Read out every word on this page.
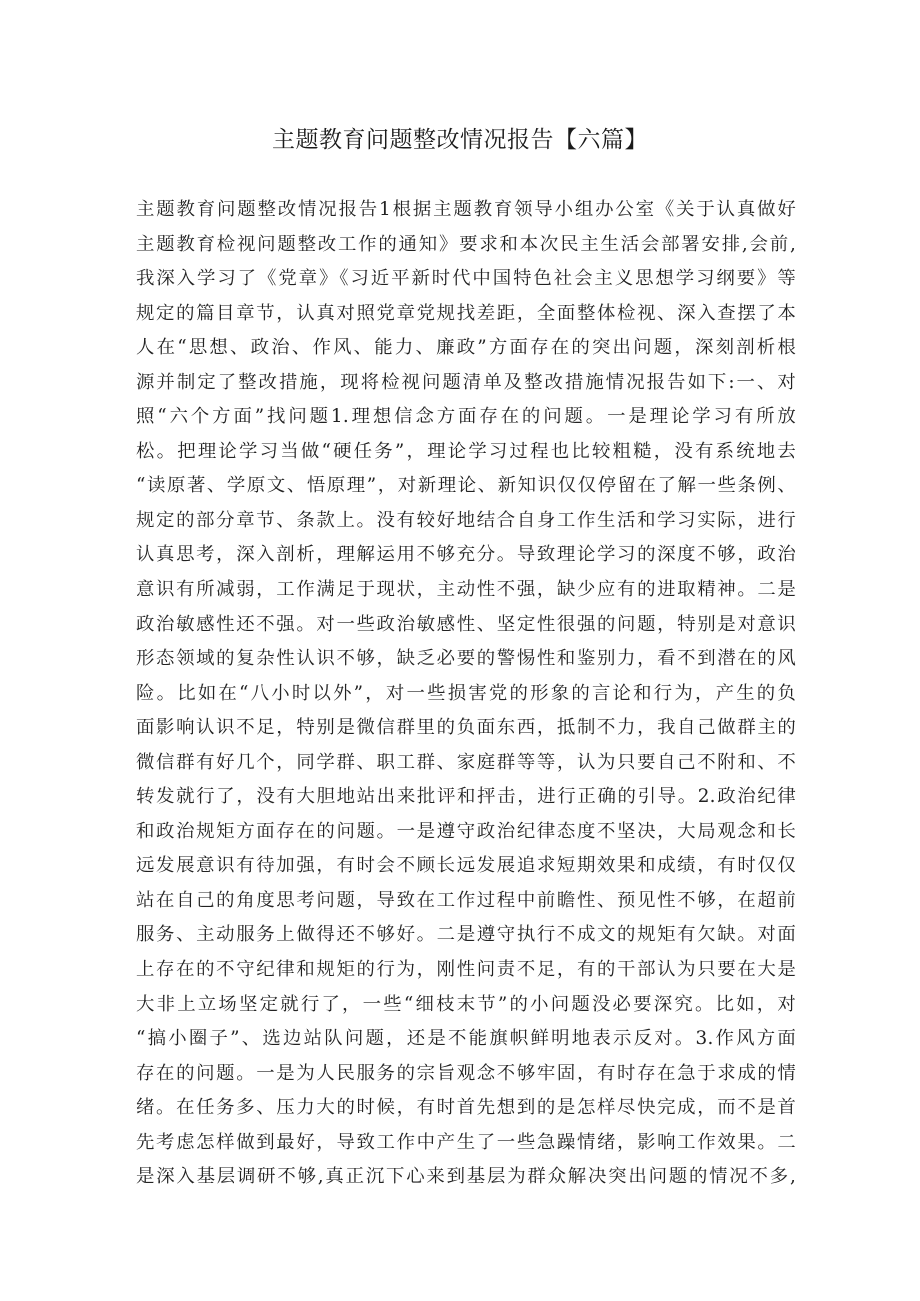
主题教育问题整改情况报告【六篇】
主题教育问题整改情况报告1根据主题教育领导小组办公室《关于认真做好
主题教育检视问题整改工作的通知》要求和本次民主生活会部署安排,会前,
我深入学习了《党章》《习近平新时代中国特色社会主义思想学习纲要》等
规定的篇目章节，认真对照党章党规找差距，全面整体检视、深入查摆了本
人在“思想、政治、作风、能力、廉政”方面存在的突出问题，深刻剖析根
源并制定了整改措施，现将检视问题清单及整改措施情况报告如下:一、对
照“六个方面”找问题1.理想信念方面存在的问题。一是理论学习有所放
松。把理论学习当做“硬任务”，理论学习过程也比较粗糙，没有系统地去
“读原著、学原文、悟原理”，对新理论、新知识仅仅停留在了解一些条例、
规定的部分章节、条款上。没有较好地结合自身工作生活和学习实际，进行
认真思考，深入剖析，理解运用不够充分。导致理论学习的深度不够，政治
意识有所减弱，工作满足于现状，主动性不强，缺少应有的进取精神。二是
政治敏感性还不强。对一些政治敏感性、坚定性很强的问题，特别是对意识
形态领域的复杂性认识不够，缺乏必要的警惕性和鉴别力，看不到潜在的风
险。比如在“八小时以外”，对一些损害党的形象的言论和行为，产生的负
面影响认识不足，特别是微信群里的负面东西，抵制不力，我自己做群主的
微信群有好几个，同学群、职工群、家庭群等等，认为只要自己不附和、不
转发就行了，没有大胆地站出来批评和抨击，进行正确的引导。2.政治纪律
和政治规矩方面存在的问题。一是遵守政治纪律态度不坚决，大局观念和长
远发展意识有待加强，有时会不顾长远发展追求短期效果和成绩，有时仅仅
站在自己的角度思考问题，导致在工作过程中前瞻性、预见性不够，在超前
服务、主动服务上做得还不够好。二是遵守执行不成文的规矩有欠缺。对面
上存在的不守纪律和规矩的行为，刚性问责不足，有的干部认为只要在大是
大非上立场坚定就行了，一些“细枝末节”的小问题没必要深究。比如，对
“搞小圈子”、选边站队问题，还是不能旗帜鲜明地表示反对。3.作风方面
存在的问题。一是为人民服务的宗旨观念不够牢固，有时存在急于求成的情
绪。在任务多、压力大的时候，有时首先想到的是怎样尽快完成，而不是首
先考虑怎样做到最好，导致工作中产生了一些急躁情绪，影响工作效果。二
是深入基层调研不够,真正沉下心来到基层为群众解决突出问题的情况不多,
